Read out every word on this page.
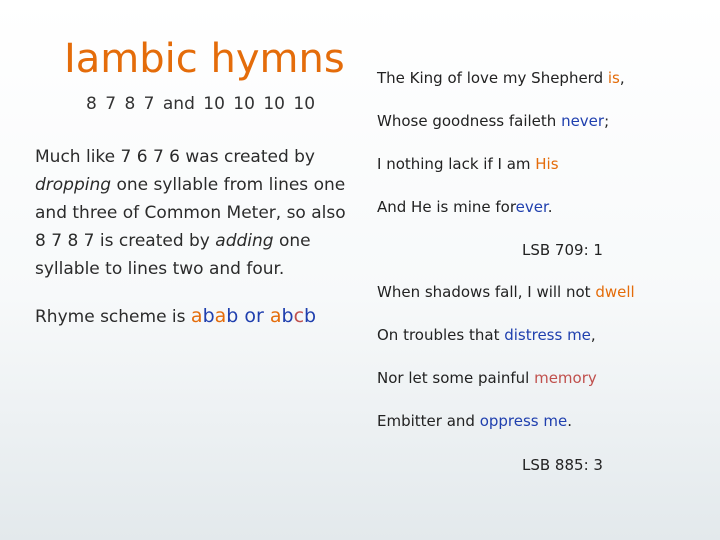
Iambic hymns
8 7 8 7 and 10 10 10 10
Much like 7 6 7 6 was created by dropping one syllable from lines one and three of Common Meter, so also 8 7 8 7 is created by adding one syllable to lines two and four.
Rhyme scheme is abab or abcb
The King of love my Shepherd is,
Whose goodness faileth never;
I nothing lack if I am His
And He is mine forever.
LSB 709: 1
When shadows fall, I will not dwell
On troubles that distress me,
Nor let some painful memory
Embitter and oppress me.
LSB 885: 3
